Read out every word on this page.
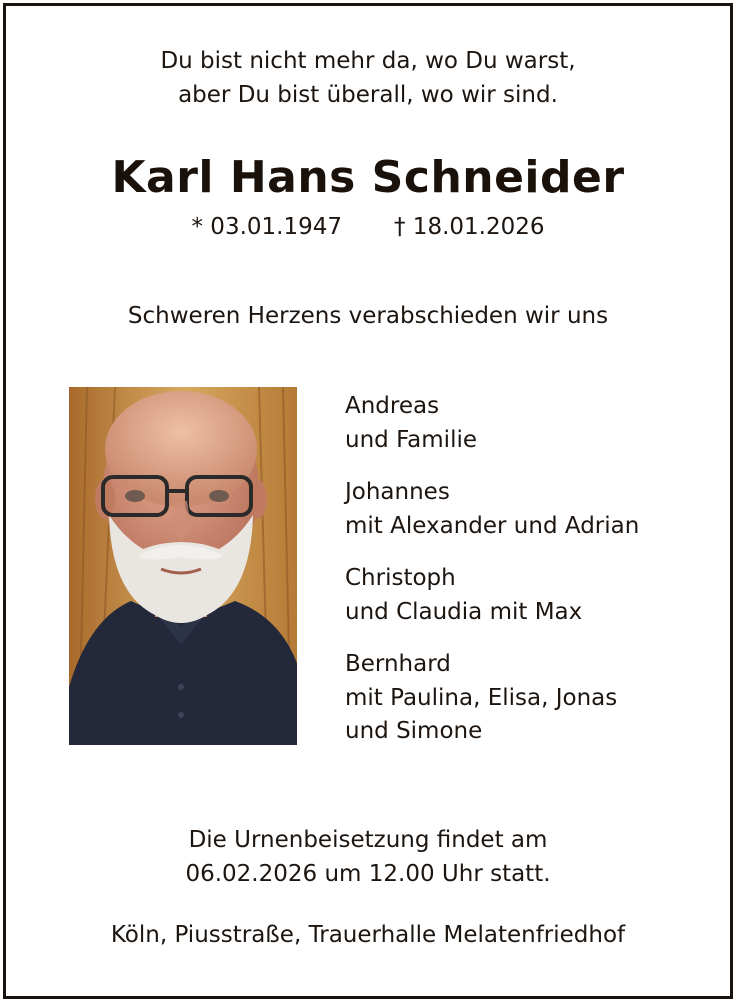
Du bist nicht mehr da, wo Du warst,
aber Du bist überall, wo wir sind.
Karl Hans Schneider
* 03.01.1947 † 18.01.2026
Schweren Herzens verabschieden wir uns
Andreas
und Familie
Johannes
mit Alexander und Adrian
Christoph
und Claudia mit Max
Bernhard
mit Paulina, Elisa, Jonas
und Simone
Die Urnenbeisetzung findet am
06.02.2026 um 12.00 Uhr statt.
Köln, Piusstraße, Trauerhalle Melatenfriedhof
